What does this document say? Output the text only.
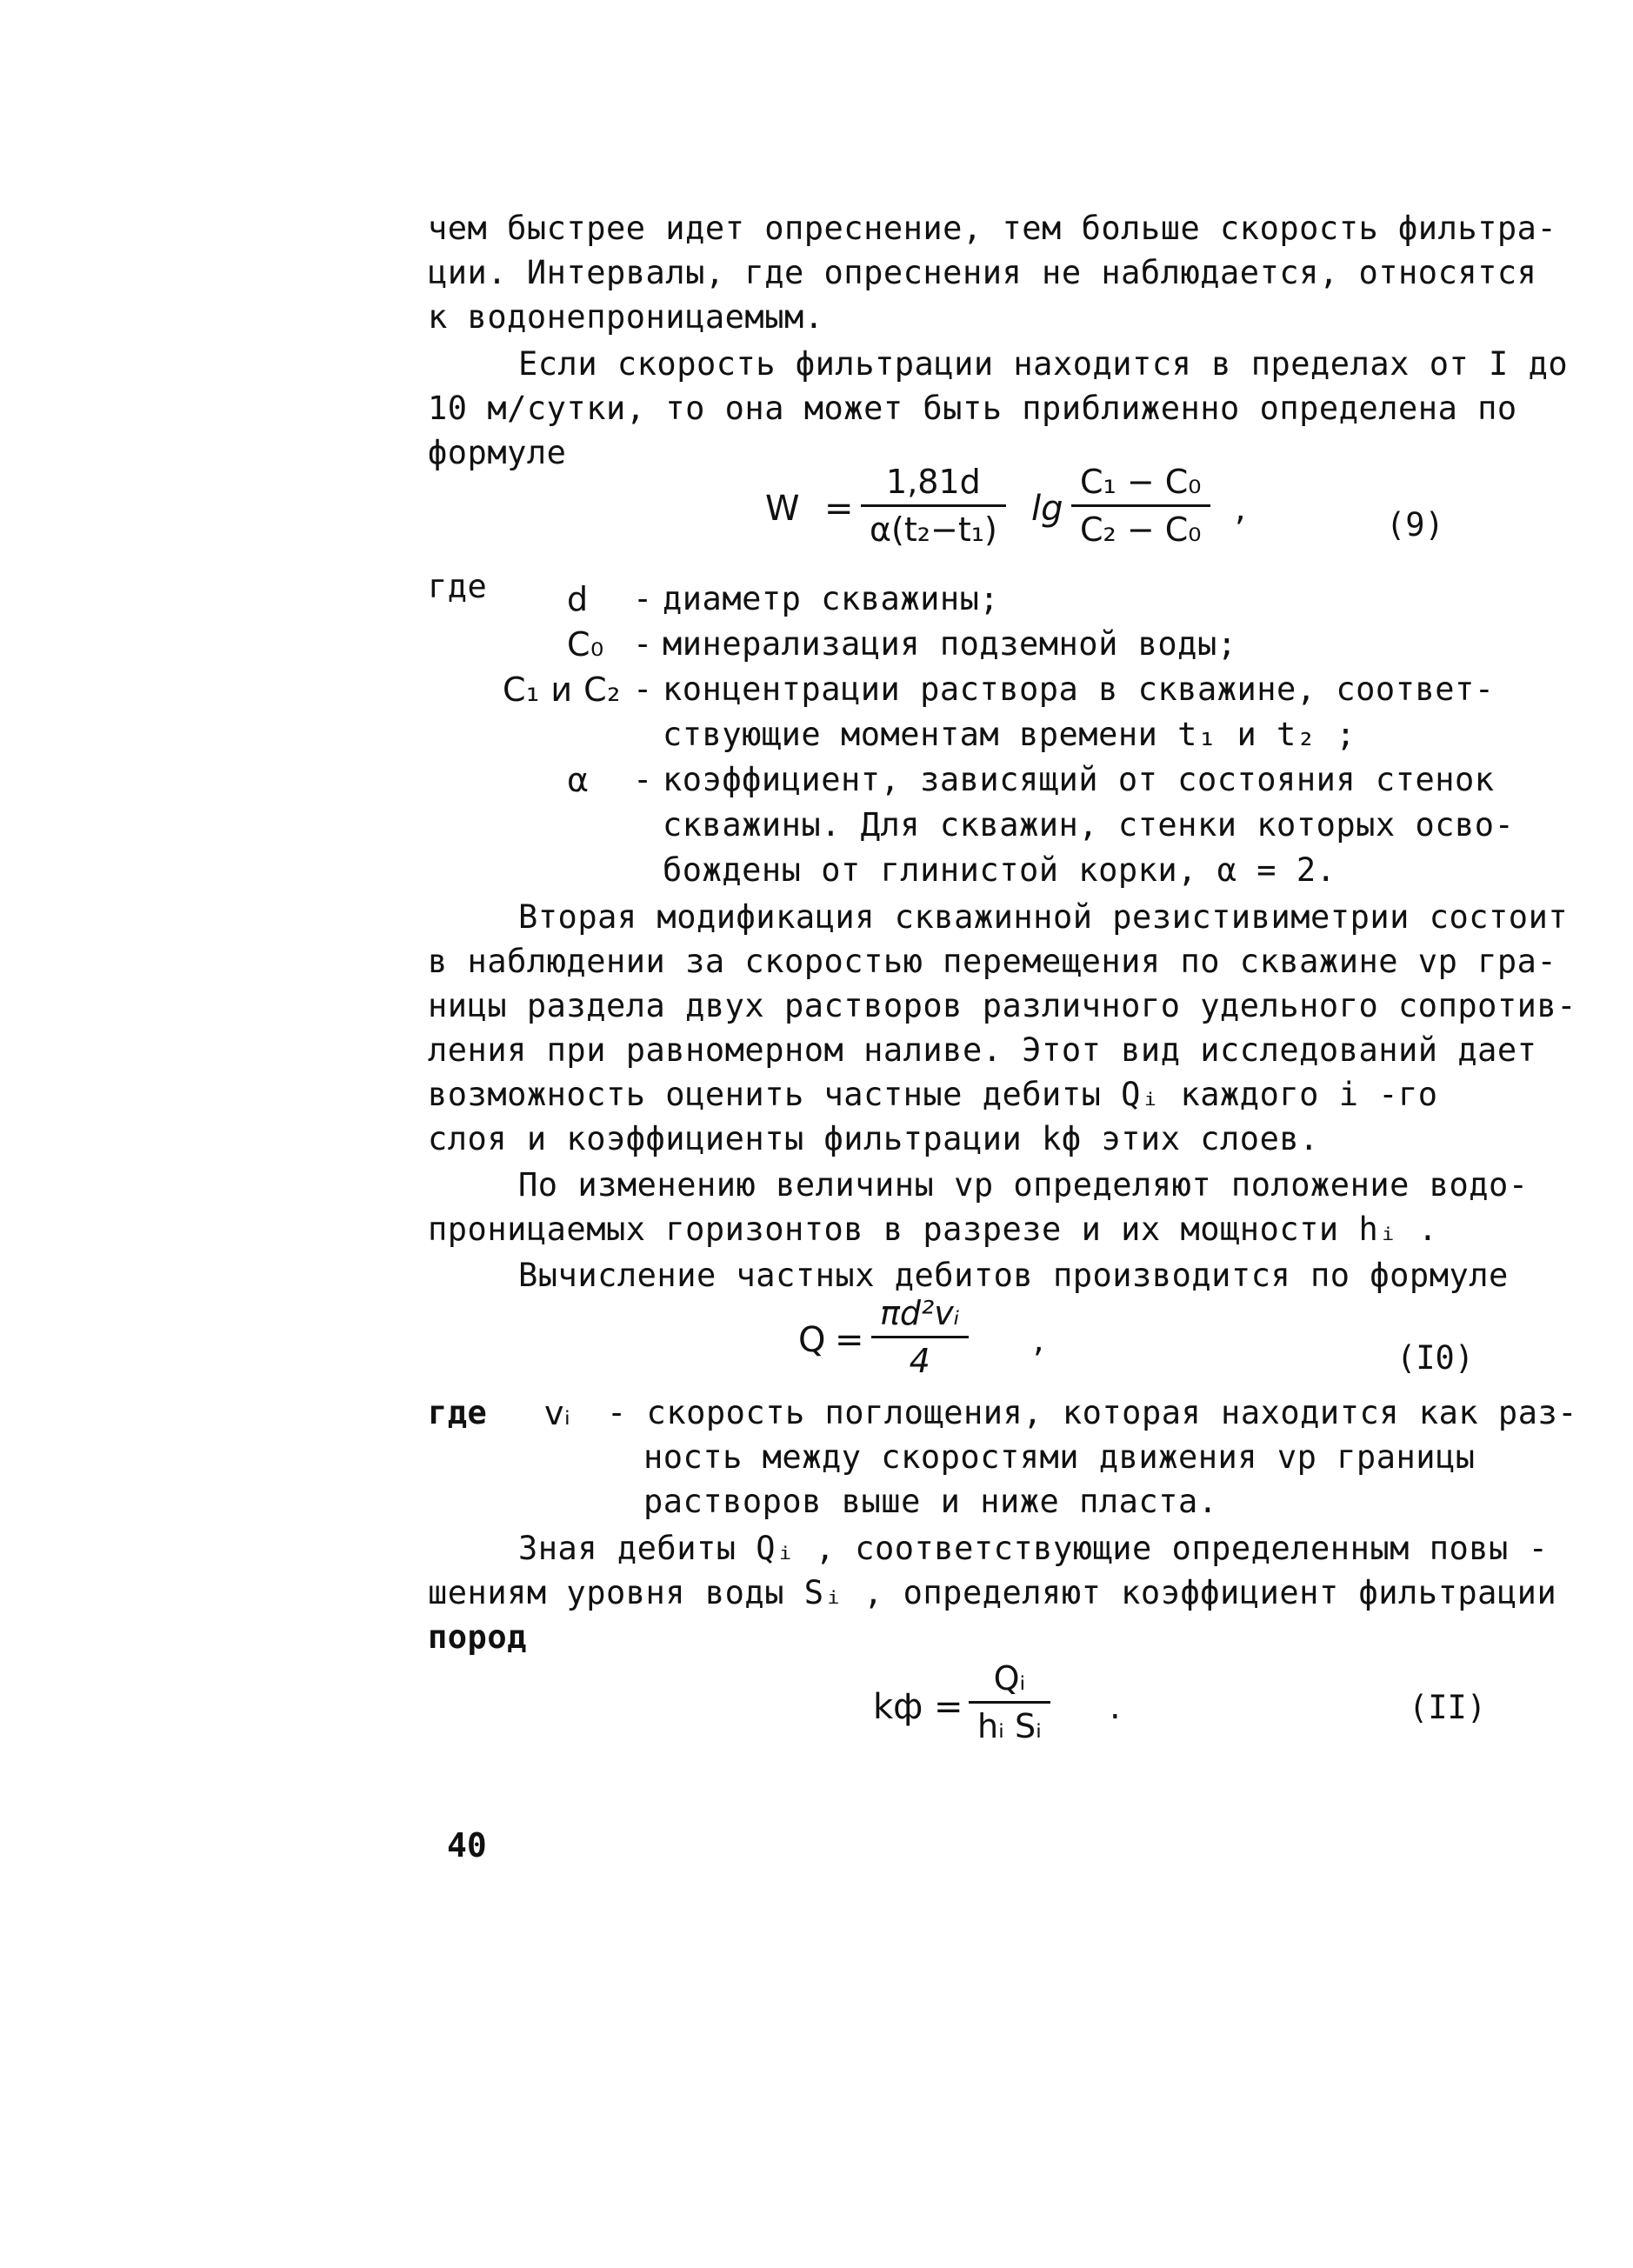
чем быстрее идет опреснение, тем больше скорость фильтра-
ции. Интервалы, где опреснения не наблюдается, относятся
к водонепроницаемым.
Если скорость фильтрации находится в пределах от I до
10 м/сутки, то она может быть приближенно определена по
формуле
W =
1,81d
α(t₂−t₁)
lg
C₁ − C₀
C₂ − C₀
,	(9)
где d - диаметр скважины;
C₀ - минерализация подземной воды;
C₁ и C₂ - концентрации раствора в скважине, соответ-
ствующие моментам времени t₁ и t₂ ;
α - коэффициент, зависящий от состояния стенок
скважины. Для скважин, стенки которых осво-
бождены от глинистой корки, α = 2.
Вторая модификация скважинной резистивиметрии состоит
в наблюдении за скоростью перемещения по скважине vр гра-
ницы раздела двух растворов различного удельного сопротив-
ления при равномерном наливе. Этот вид исследований дает
возможность оценить частные дебиты Qᵢ каждого i -го
слоя и коэффициенты фильтрации kф этих слоев.
По изменению величины vр определяют положение водо-
проницаемых горизонтов в разрезе и их мощности hᵢ .
Вычисление частных дебитов производится по формуле
Q =
πd²vᵢ
4
,	(I0)
где vᵢ - скорость поглощения, которая находится как раз-
ность между скоростями движения vр границы
растворов выше и ниже пласта.
Зная дебиты Qᵢ , соответствующие определенным повы -
шениям уровня воды Sᵢ , определяют коэффициент фильтрации
пород
kф =
Qᵢ
hᵢ Sᵢ .	(II)
40
